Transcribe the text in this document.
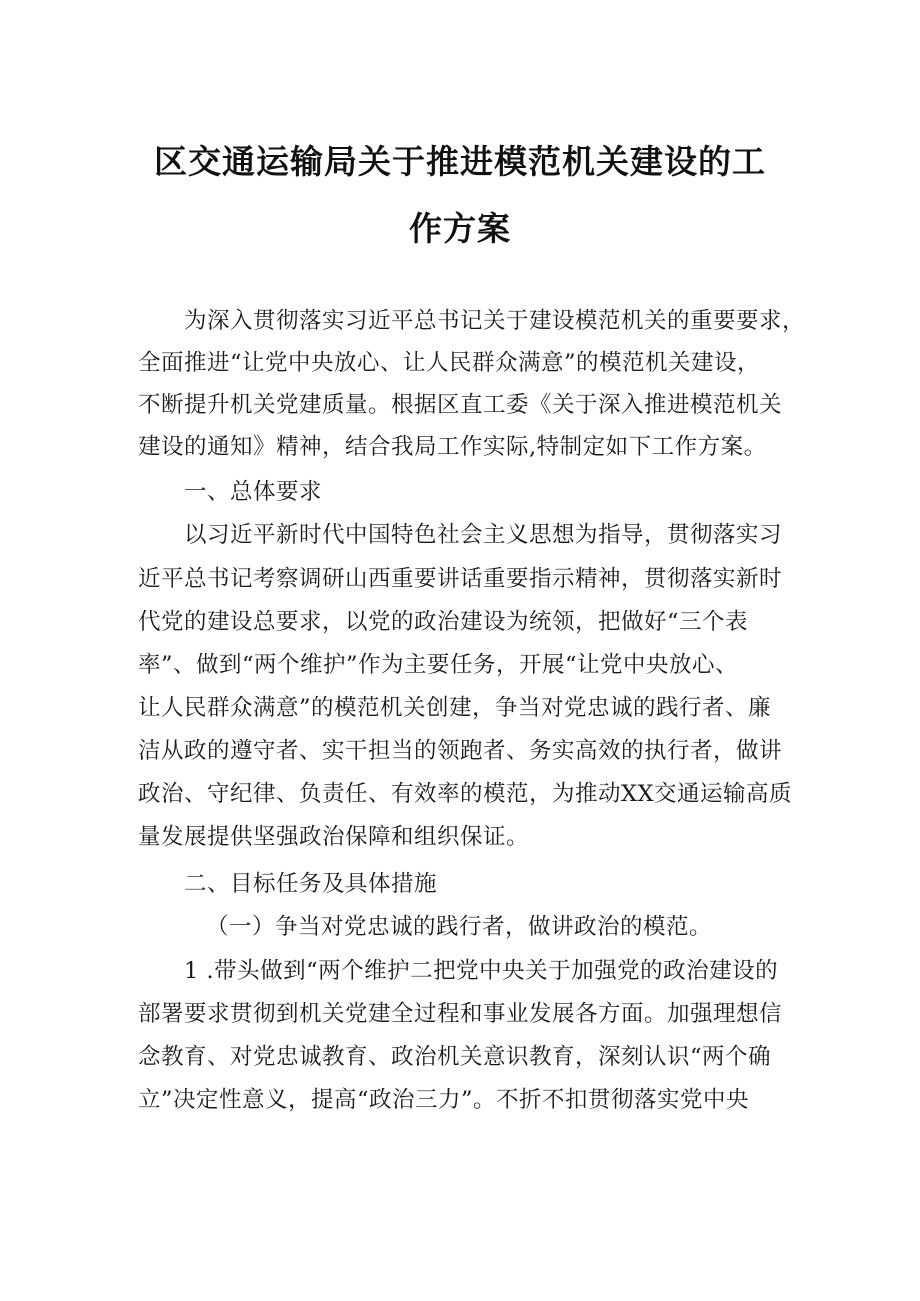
区交通运输局关于推进模范机关建设的工
作方案
为深入贯彻落实习近平总书记关于建设模范机关的重要要求，
全面推进“让党中央放心、让人民群众满意”的模范机关建设，
不断提升机关党建质量。根据区直工委《关于深入推进模范机关
建设的通知》精神，结合我局工作实际,特制定如下工作方案。
一、总体要求
以习近平新时代中国特色社会主义思想为指导，贯彻落实习
近平总书记考察调研山西重要讲话重要指示精神，贯彻落实新时
代党的建设总要求，以党的政治建设为统领，把做好“三个表
率”、做到“两个维护”作为主要任务，开展“让党中央放心、
让人民群众满意”的模范机关创建，争当对党忠诚的践行者、廉
洁从政的遵守者、实干担当的领跑者、务实高效的执行者，做讲
政治、守纪律、负责任、有效率的模范，为推动XX交通运输高质
量发展提供坚强政治保障和组织保证。
二、目标任务及具体措施
（一）争当对党忠诚的践行者，做讲政治的模范。
1 .带头做到“两个维护二把党中央关于加强党的政治建设的
部署要求贯彻到机关党建全过程和事业发展各方面。加强理想信
念教育、对党忠诚教育、政治机关意识教育，深刻认识“两个确
立”决定性意义，提高“政治三力”。不折不扣贯彻落实党中央
